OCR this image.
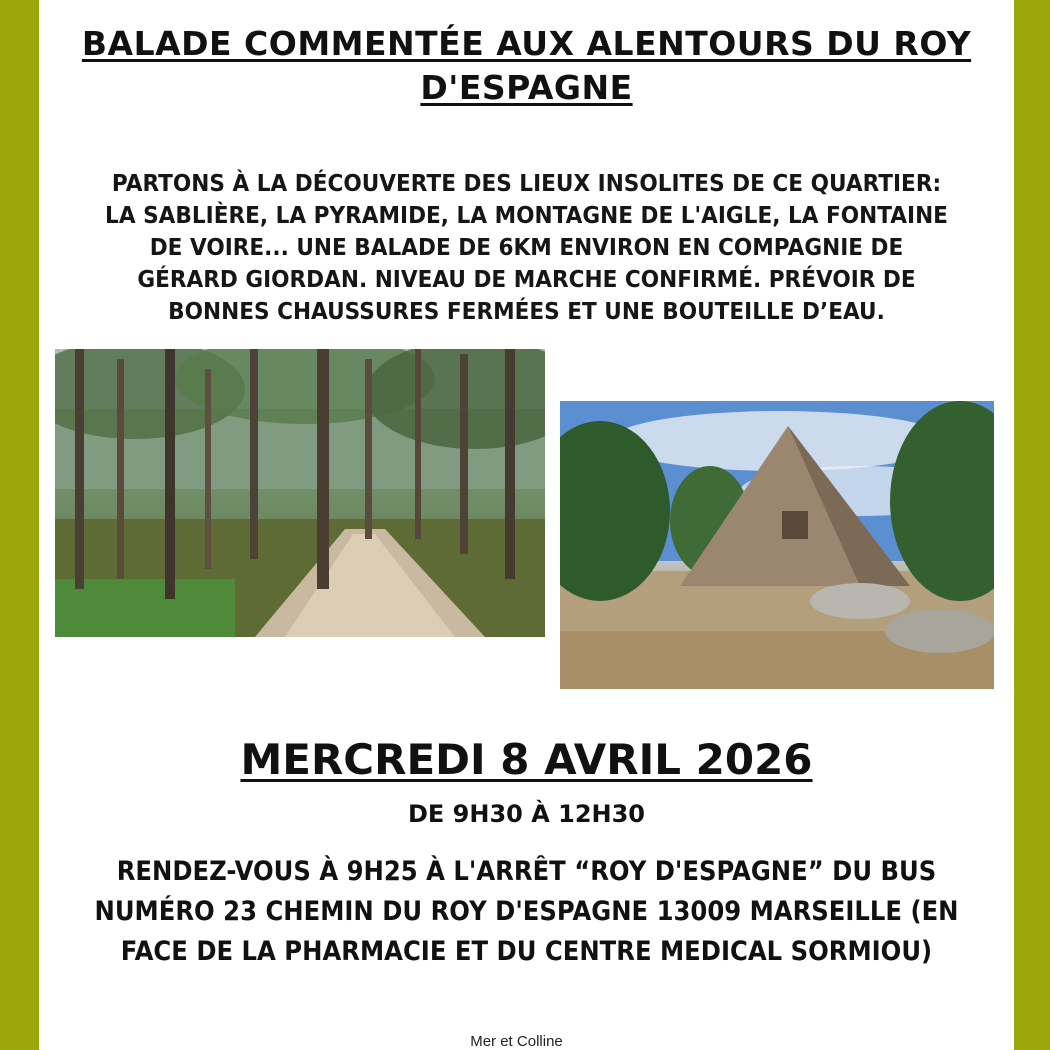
BALADE COMMENTÉE AUX ALENTOURS DU ROY D'ESPAGNE
PARTONS À LA DÉCOUVERTE DES LIEUX INSOLITES DE CE QUARTIER:
LA SABLIÈRE, LA PYRAMIDE, LA MONTAGNE DE L'AIGLE, LA FONTAINE
DE VOIRE... UNE BALADE DE 6KM ENVIRON EN COMPAGNIE DE
GÉRARD GIORDAN. NIVEAU DE MARCHE CONFIRMÉ. PRÉVOIR DE
BONNES CHAUSSURES FERMÉES ET UNE BOUTEILLE D’EAU.
MERCREDI 8 AVRIL 2026
DE 9H30 À 12H30
RENDEZ-VOUS À 9H25 À L'ARRÊT “ROY D'ESPAGNE” DU BUS
NUMÉRO 23 CHEMIN DU ROY D'ESPAGNE 13009 MARSEILLE (EN
FACE DE LA PHARMACIE ET DU CENTRE MEDICAL SORMIOU)
Mer et Colline
